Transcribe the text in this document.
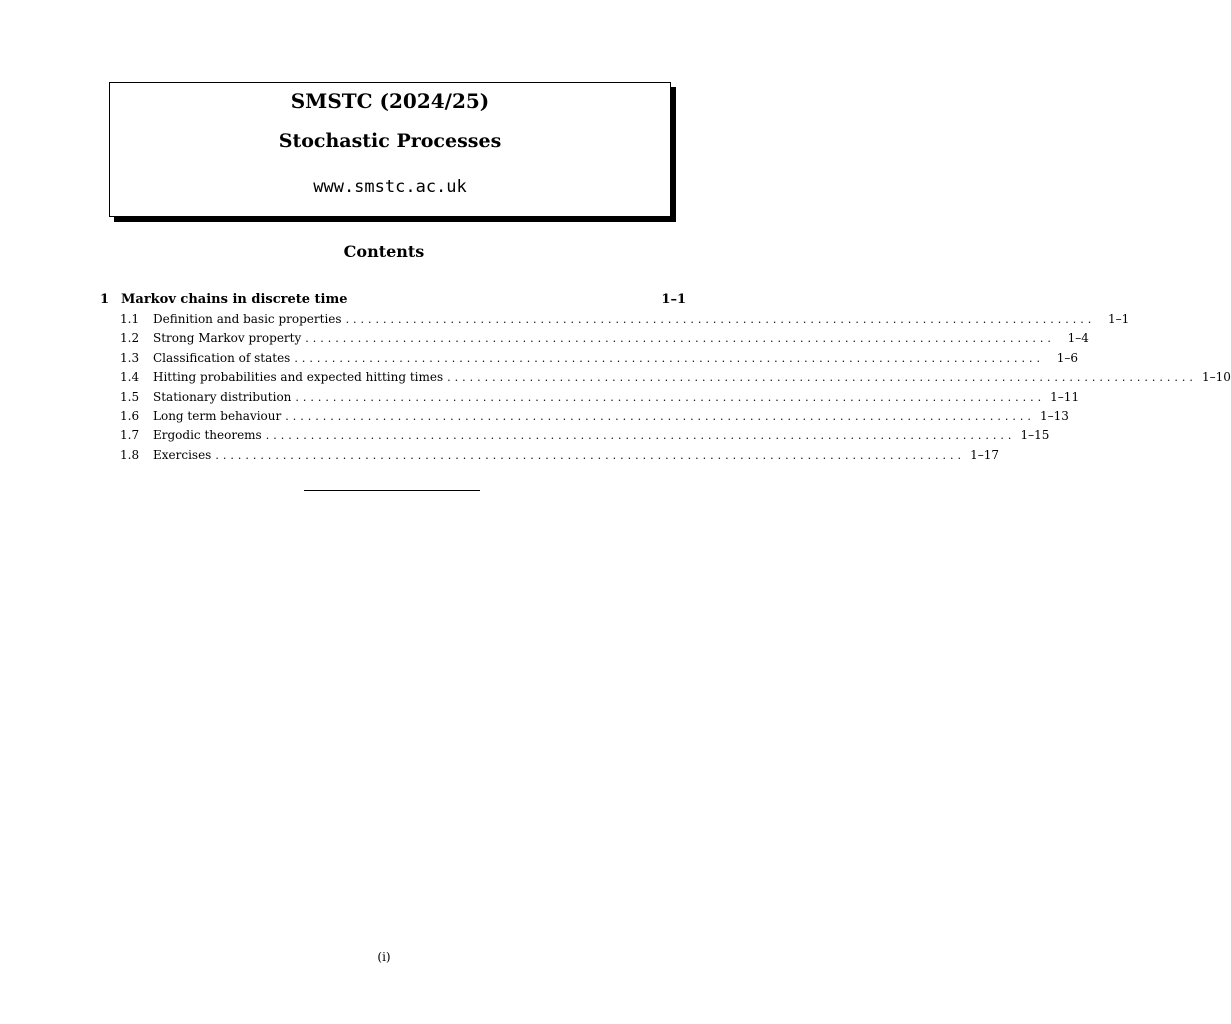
SMSTC (2024/25)
Stochastic Processes
www.smstc.ac.uk
Contents
1 Markov chains in discrete time	1–1
1.1	Definition and basic properties ....................................................................................................	1–1
1.2	Strong Markov property ....................................................................................................	1–4
1.3	Classification of states ....................................................................................................	1–6
1.4	Hitting probabilities and expected hitting times .................................................................................................... 1–10
1.5	Stationary distribution .................................................................................................... 1–11
1.6	Long term behaviour .................................................................................................... 1–13
1.7	Ergodic theorems .................................................................................................... 1–15
1.8	Exercises .................................................................................................... 1–17
(i)
